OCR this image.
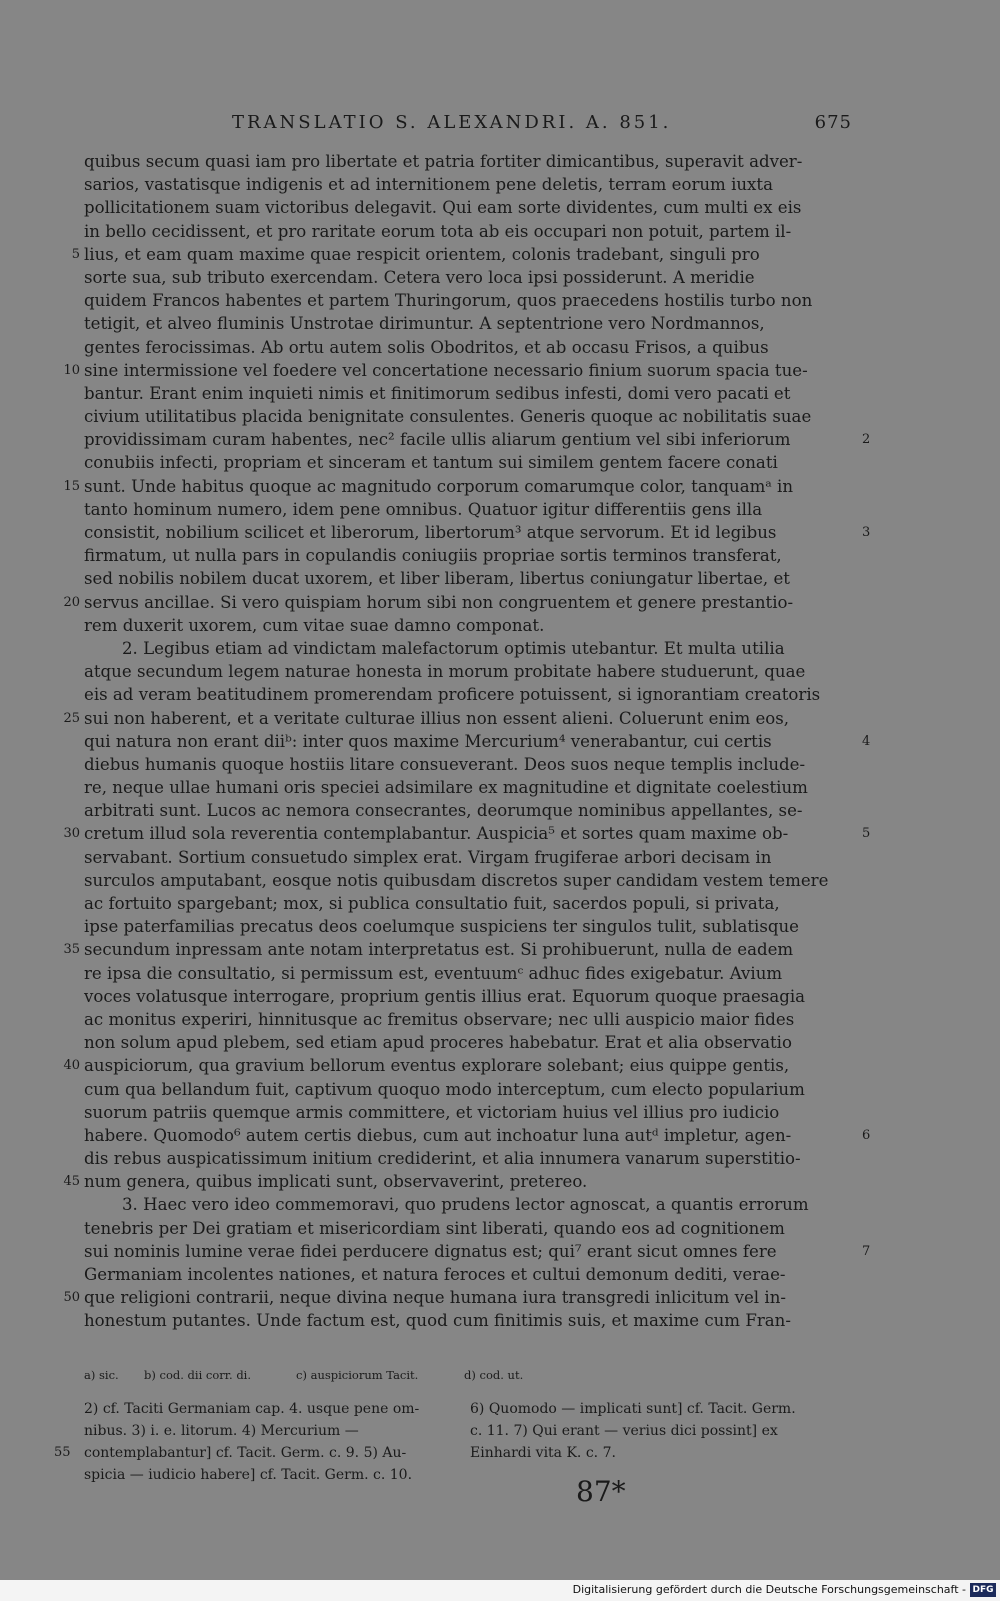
TRANSLATIO S. ALEXANDRI. A. 851.	675
quibus secum quasi iam pro libertate et patria fortiter dimicantibus, superavit adver-
sarios, vastatisque indigenis et ad internitionem pene deletis, terram eorum iuxta
pollicitationem suam victoribus delegavit. Qui eam sorte dividentes, cum multi ex eis
in bello cecidissent, et pro raritate eorum tota ab eis occupari non potuit, partem il-
5 lius, et eam quam maxime quae respicit orientem, colonis tradebant, singuli pro
sorte sua, sub tributo exercendam. Cetera vero loca ipsi possiderunt. A meridie
quidem Francos habentes et partem Thuringorum, quos praecedens hostilis turbo non
tetigit, et alveo fluminis Unstrotae dirimuntur. A septentrione vero Nordmannos,
gentes ferocissimas. Ab ortu autem solis Obodritos, et ab occasu Frisos, a quibus
10 sine intermissione vel foedere vel concertatione necessario finium suorum spacia tue-
bantur. Erant enim inquieti nimis et finitimorum sedibus infesti, domi vero pacati et
civium utilitatibus placida benignitate consulentes. Generis quoque ac nobilitatis suae
providissimam curam habentes, nec² facile ullis aliarum gentium vel sibi inferiorum	2
conubiis infecti, propriam et sinceram et tantum sui similem gentem facere conati
15 sunt. Unde habitus quoque ac magnitudo corporum comarumque color, tanquamᵃ in
tanto hominum numero, idem pene omnibus. Quatuor igitur differentiis gens illa
consistit, nobilium scilicet et liberorum, libertorum³ atque servorum. Et id legibus	3
firmatum, ut nulla pars in copulandis coniugiis propriae sortis terminos transferat,
sed nobilis nobilem ducat uxorem, et liber liberam, libertus coniungatur libertae, et
20 servus ancillae. Si vero quispiam horum sibi non congruentem et genere prestantio-
rem duxerit uxorem, cum vitae suae damno componat.
2. Legibus etiam ad vindictam malefactorum optimis utebantur. Et multa utilia
atque secundum legem naturae honesta in morum probitate habere studuerunt, quae
eis ad veram beatitudinem promerendam proficere potuissent, si ignorantiam creatoris
25 sui non haberent, et a veritate culturae illius non essent alieni. Coluerunt enim eos,
qui natura non erant diiᵇ: inter quos maxime Mercurium⁴ venerabantur, cui certis	4
diebus humanis quoque hostiis litare consueverant. Deos suos neque templis include-
re, neque ullae humani oris speciei adsimilare ex magnitudine et dignitate coelestium
arbitrati sunt. Lucos ac nemora consecrantes, deorumque nominibus appellantes, se-
30 cretum illud sola reverentia contemplabantur. Auspicia⁵ et sortes quam maxime ob-	5
servabant. Sortium consuetudo simplex erat. Virgam frugiferae arbori decisam in
surculos amputabant, eosque notis quibusdam discretos super candidam vestem temere
ac fortuito spargebant; mox, si publica consultatio fuit, sacerdos populi, si privata,
ipse paterfamilias precatus deos coelumque suspiciens ter singulos tulit, sublatisque
35 secundum inpressam ante notam interpretatus est. Si prohibuerunt, nulla de eadem
re ipsa die consultatio, si permissum est, eventuumᶜ adhuc fides exigebatur. Avium
voces volatusque interrogare, proprium gentis illius erat. Equorum quoque praesagia
ac monitus experiri, hinnitusque ac fremitus observare; nec ulli auspicio maior fides
non solum apud plebem, sed etiam apud proceres habebatur. Erat et alia observatio
40 auspiciorum, qua gravium bellorum eventus explorare solebant; eius quippe gentis,
cum qua bellandum fuit, captivum quoquo modo interceptum, cum electo popularium
suorum patriis quemque armis committere, et victoriam huius vel illius pro iudicio
habere. Quomodo⁶ autem certis diebus, cum aut inchoatur luna autᵈ impletur, agen-	6
dis rebus auspicatissimum initium crediderint, et alia innumera vanarum superstitio-
45 num genera, quibus implicati sunt, observaverint, pretereo.
3. Haec vero ideo commemoravi, quo prudens lector agnoscat, a quantis errorum
tenebris per Dei gratiam et misericordiam sint liberati, quando eos ad cognitionem
sui nominis lumine verae fidei perducere dignatus est; qui⁷ erant sicut omnes fere	7
Germaniam incolentes nationes, et natura feroces et cultui demonum dediti, verae-
50 que religioni contrarii, neque divina neque humana iura transgredi inlicitum vel in-
honestum putantes. Unde factum est, quod cum finitimis suis, et maxime cum Fran-
a) sic. b) cod. dii corr. di.	c) auspiciorum Tacit.	d) cod. ut.
2) cf. Taciti Germaniam cap. 4. usque pene om-
nibus. 3) i. e. litorum. 4) Mercurium —
55 contemplabantur] cf. Tacit. Germ. c. 9. 5) Au-
spicia — iudicio habere] cf. Tacit. Germ. c. 10.
6) Quomodo — implicati sunt] cf. Tacit. Germ.
c. 11. 7) Qui erant — verius dici possint] ex
Einhardi vita K. c. 7.
87*
Digitalisierung gefördert durch die Deutsche Forschungsgemeinschaft - DFG
